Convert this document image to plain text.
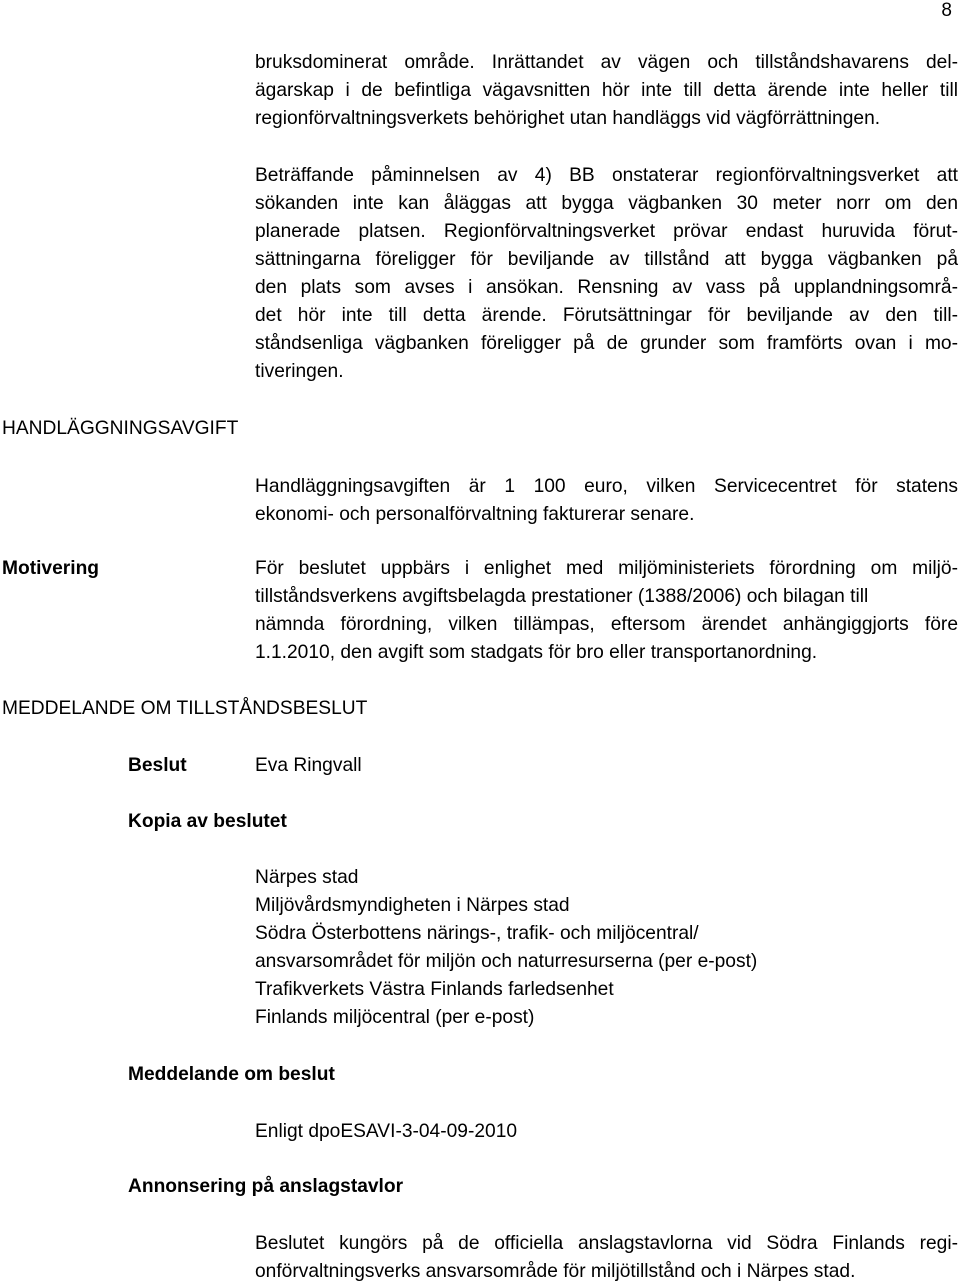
8
bruksdominerat område. Inrättandet av vägen och tillståndshavarens del-
ägarskap i de befintliga vägavsnitten hör inte till detta ärende inte heller till
regionförvaltningsverkets behörighet utan handläggs vid vägförrättningen.
Beträffande påminnelsen av 4) BB onstaterar regionförvaltningsverket att
sökanden inte kan åläggas att bygga vägbanken 30 meter norr om den
planerade platsen. Regionförvaltningsverket prövar endast huruvida förut-
sättningarna föreligger för beviljande av tillstånd att bygga vägbanken på
den plats som avses i ansökan. Rensning av vass på upplandningsområ-
det hör inte till detta ärende. Förutsättningar för beviljande av den till-
ståndsenliga vägbanken föreligger på de grunder som framförts ovan i mo-
tiveringen.
HANDLÄGGNINGSAVGIFT
Handläggningsavgiften är 1 100 euro, vilken Servicecentret för statens
ekonomi- och personalförvaltning fakturerar senare.
Motivering	För beslutet uppbärs i enlighet med miljöministeriets förordning om miljö-
tillståndsverkens avgiftsbelagda prestationer (1388/2006) och bilagan till
nämnda förordning, vilken tillämpas, eftersom ärendet anhängiggjorts före
1.1.2010, den avgift som stadgats för bro eller transportanordning.
MEDDELANDE OM TILLSTÅNDSBESLUT
Beslut	Eva Ringvall
Kopia av beslutet
Närpes stad
Miljövårdsmyndigheten i Närpes stad
Södra Österbottens närings-, trafik- och miljöcentral/
ansvarsområdet för miljön och naturresurserna (per e-post)
Trafikverkets Västra Finlands farledsenhet
Finlands miljöcentral (per e-post)
Meddelande om beslut
Enligt dpoESAVI-3-04-09-2010
Annonsering på anslagstavlor
Beslutet kungörs på de officiella anslagstavlorna vid Södra Finlands regi-
onförvaltningsverks ansvarsområde för miljötillstånd och i Närpes stad.
